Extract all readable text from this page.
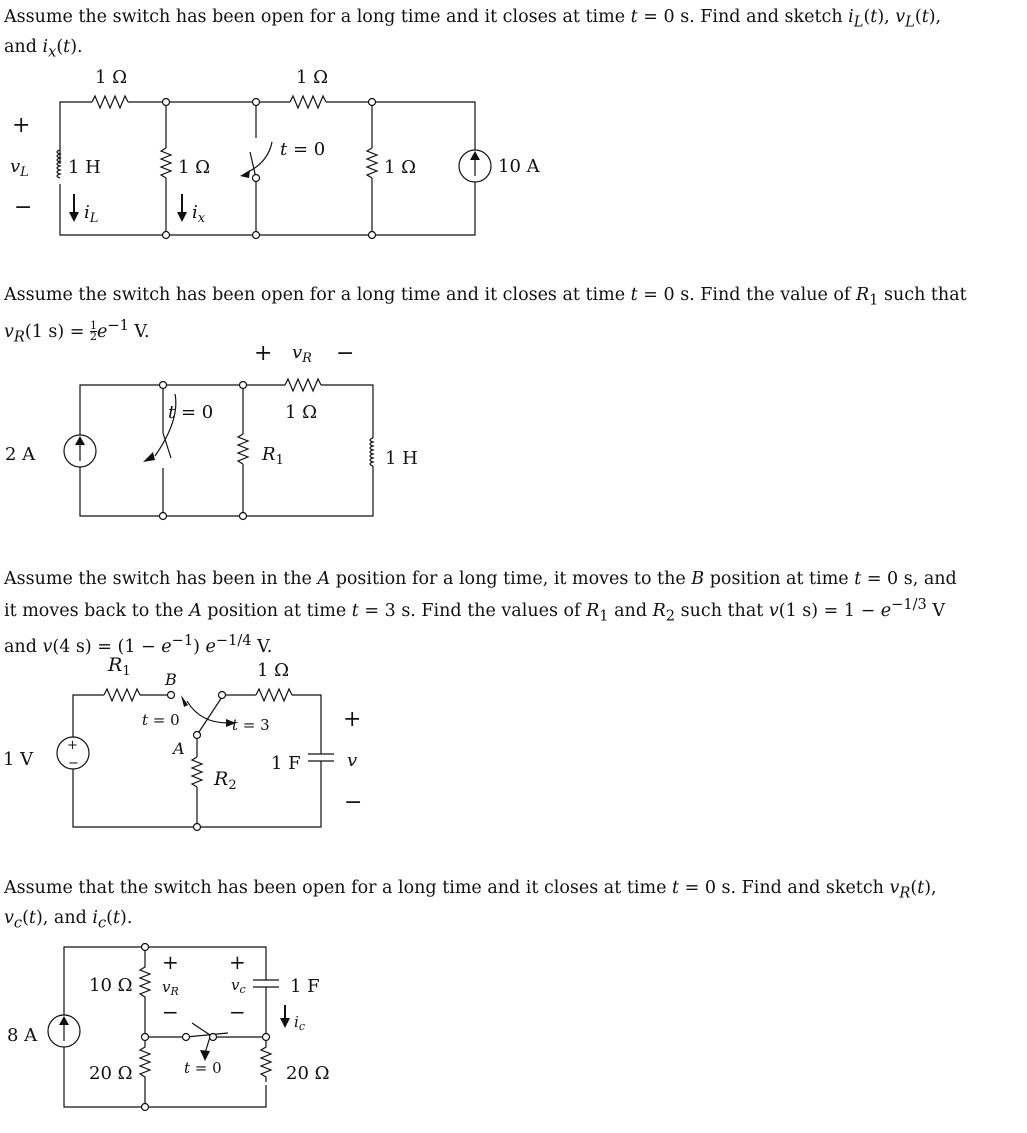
Assume the switch has been open for a long time and it closes at time t = 0 s. Find and sketch $i_L(t)$, $v_L(t)$,
and $i_x(t)$.
1 Ω	1 Ω
+
$v_L$
−
1 H
$i_L$
1 Ω
$i_x$
t = 0
1 Ω	10 A
Assume the switch has been open for a long time and it closes at time t = 0 s. Find the value of $R_1$ such that
$v_R(1$ $s) = \frac{1}{2} e^{-1}$ V.
+ $v_R$ −
1 Ω
t = 0
2 A	$R_1$	1 H
Assume the switch has been in the A position for a long time, it moves to the B position at time t = 0 s, and
it moves back to the A position at time t = 3 s. Find the values of $R_1$ and $R_2$ such that v(1 $s) = 1 - e^{-1/3}$ V
and v(4 $s) = (1 - e^{-1})$ $e^{-1/4}$ V.
+
−
$R_1$ B	1 Ω
t = 0	t = 3	+
1 V
A
1 F	v
$R_2$
−
Assume that the switch has been open for a long time and it closes at time t = 0 s. Find and sketch $v_R(t)$,
$v_c(t)$, and $i_c(t)$.
10 Ω
+
$v_R$
−
+
$v_c$
−
1 F
$i_c$
8 A
20 Ω	t = 0	20 Ω
